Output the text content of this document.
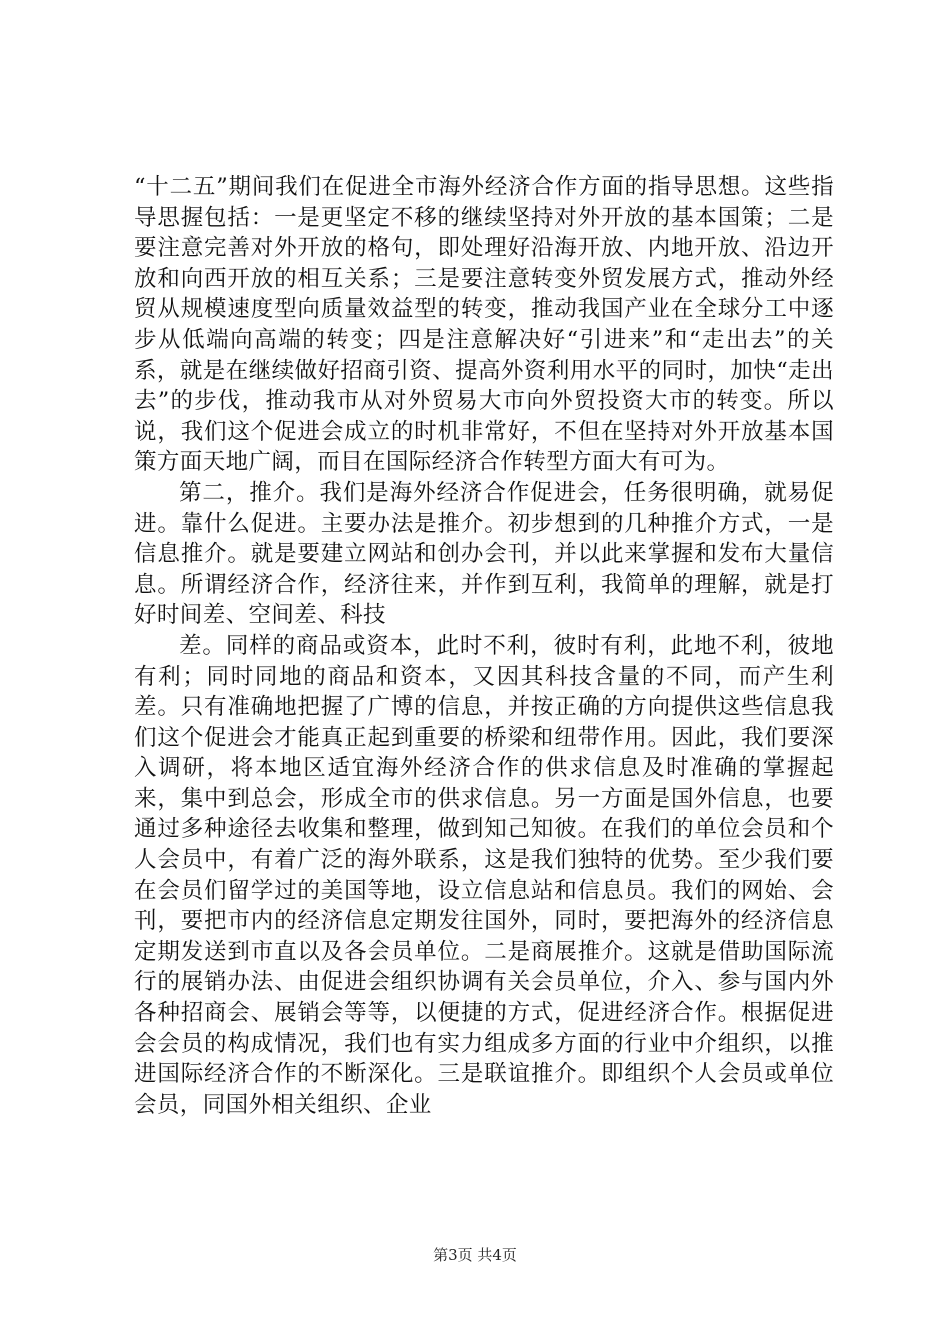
“十二五”期间我们在促进全市海外经济合作方面的指导思想。这些指导思握包括：一是更坚定不移的继续坚持对外开放的基本国策；二是要注意完善对外开放的格句，即处理好沿海开放、内地开放、沿边开放和向西开放的相互关系；三是要注意转变外贸发展方式，推动外经贸从规模速度型向质量效益型的转变，推动我国产业在全球分工中逐步从低端向高端的转变；四是注意解决好“引进来”和“走出去”的关系，就是在继续做好招商引资、提高外资利用水平的同时，加快“走出去”的步伐，推动我市从对外贸易大市向外贸投资大市的转变。所以说，我们这个促进会成立的时机非常好，不但在坚持对外开放基本国策方面天地广阔，而目在国际经济合作转型方面大有可为。

第二，推介。我们是海外经济合作促进会，任务很明确，就易促进。靠什么促进。主要办法是推介。初步想到的几种推介方式，一是信息推介。就是要建立网站和创办会刊，并以此来掌握和发布大量信息。所谓经济合作，经济往来，并作到互利，我简单的理解，就是打好时间差、空间差、科技

差。同样的商品或资本，此时不利，彼时有利，此地不利，彼地有利；同时同地的商品和资本，又因其科技含量的不同，而产生利差。只有准确地把握了广博的信息，并按正确的方向提供这些信息我们这个促进会才能真正起到重要的桥梁和纽带作用。因此，我们要深入调研，将本地区适宜海外经济合作的供求信息及时准确的掌握起来，集中到总会，形成全市的供求信息。另一方面是国外信息，也要通过多种途径去收集和整理，做到知己知彼。在我们的单位会员和个人会员中，有着广泛的海外联系，这是我们独特的优势。至少我们要在会员们留学过的美国等地，设立信息站和信息员。我们的网始、会刊，要把市内的经济信息定期发往国外，同时，要把海外的经济信息定期发送到市直以及各会员单位。二是商展推介。这就是借助国际流行的展销办法、由促进会组织协调有关会员单位，介入、参与国内外各种招商会、展销会等等，以便捷的方式，促进经济合作。根据促进会会员的构成情况，我们也有实力组成多方面的行业中介组织，以推进国际经济合作的不断深化。三是联谊推介。即组织个人会员或单位会员，同国外相关组织、企业

第3页 共4页
